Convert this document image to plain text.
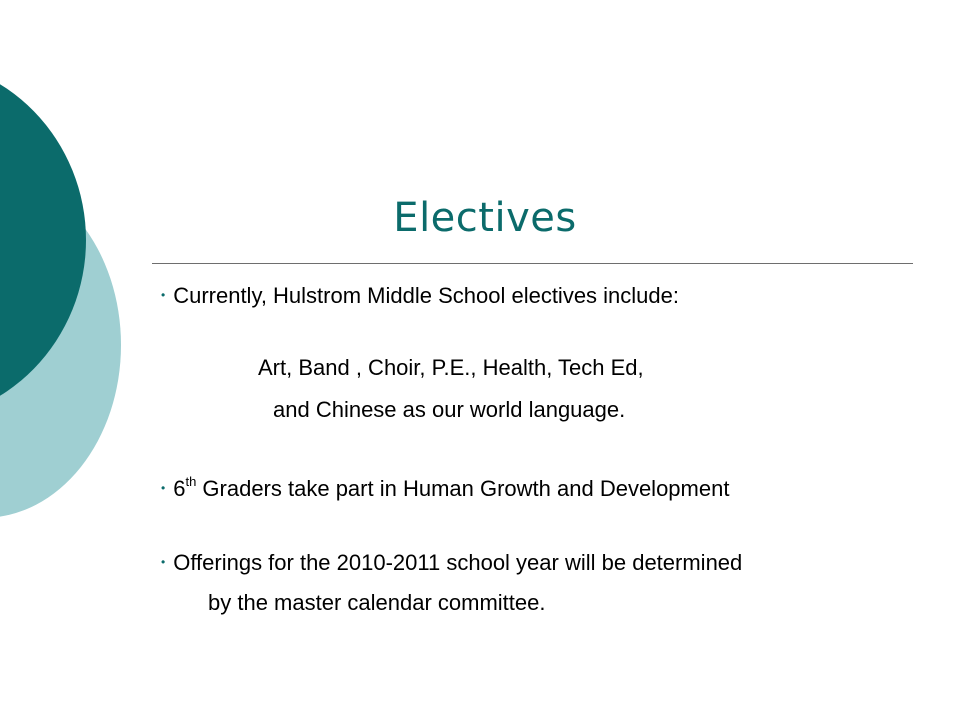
Electives
• Currently, Hulstrom Middle School electives include:
Art, Band , Choir, P.E., Health, Tech Ed,
and Chinese as our world language.
• 6th Graders take part in Human Growth and Development
• Offerings for the 2010-2011 school year will be determined
by the master calendar committee.
